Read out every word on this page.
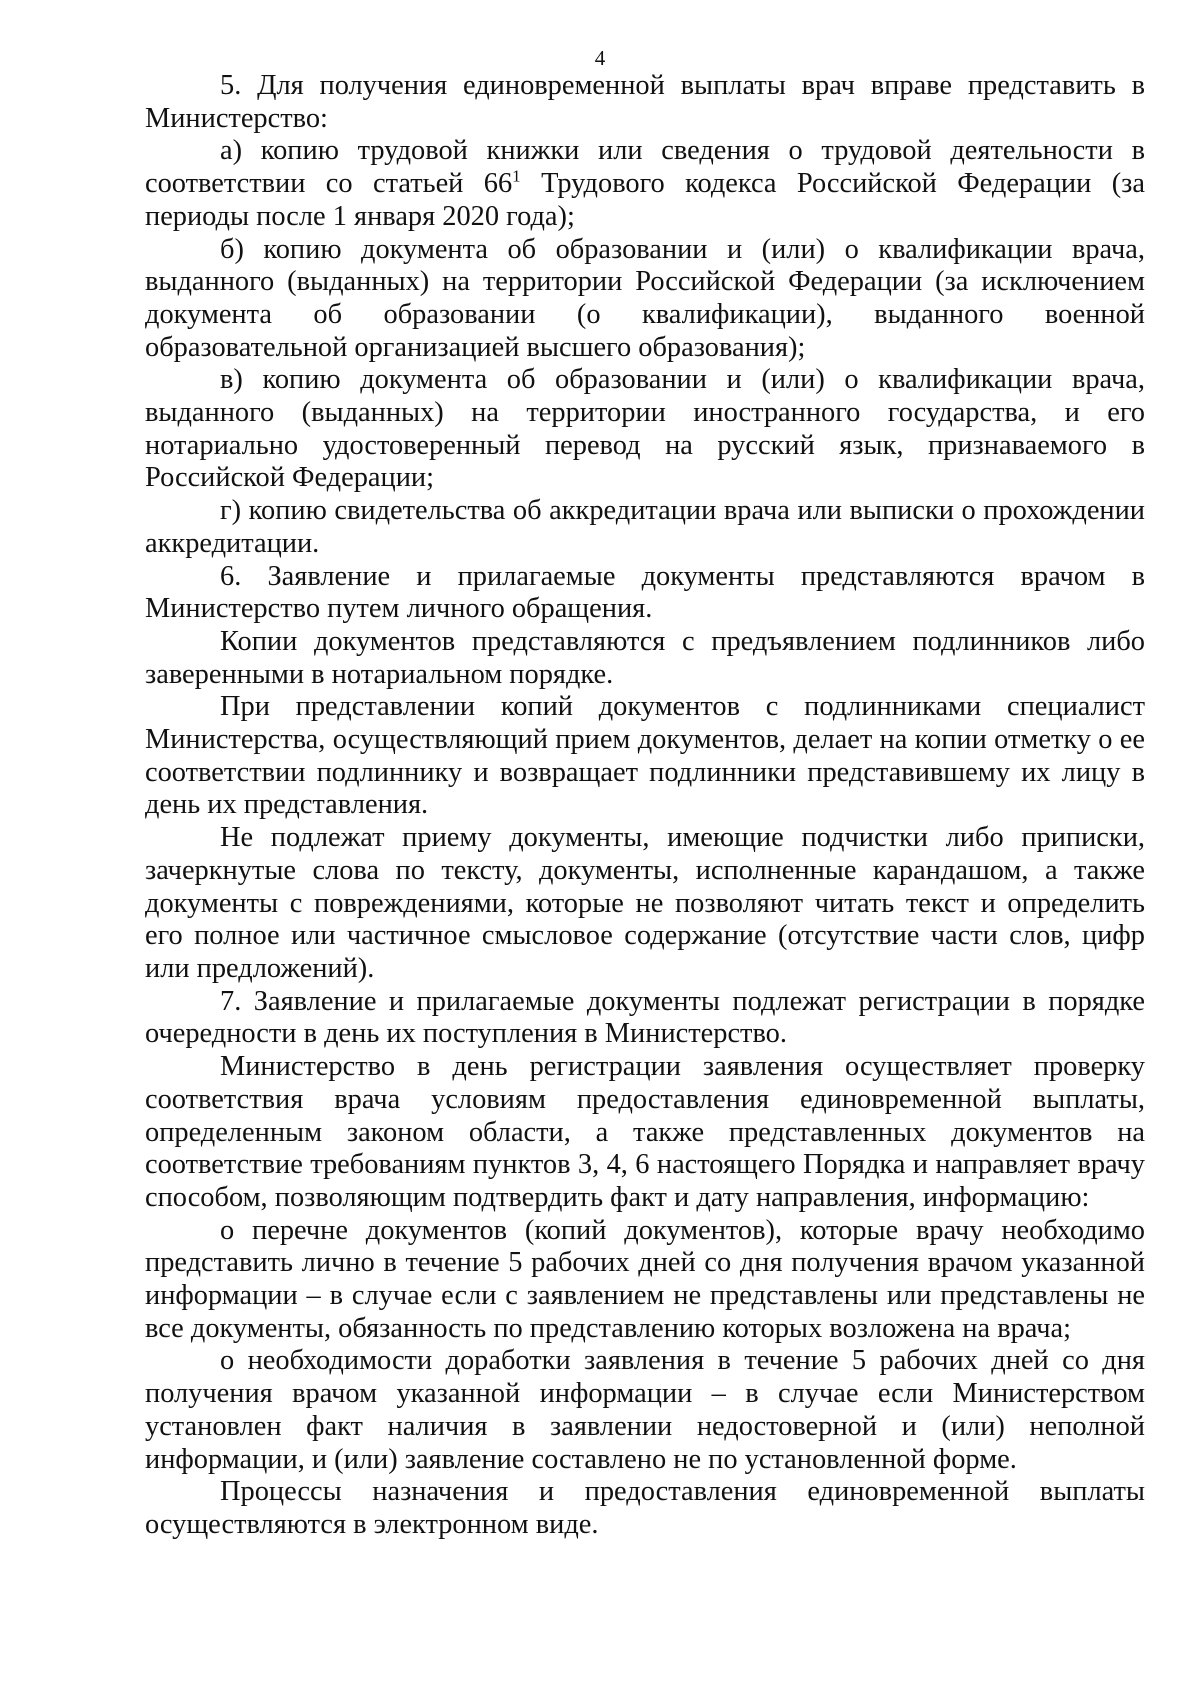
4

5. Для получения единовременной выплаты врач вправе представить в Министерство:

а) копию трудовой книжки или сведения о трудовой деятельности в соответствии со статьей $66^1$ Трудового кодекса Российской Федерации (за периоды после 1 января 2020 года);

б) копию документа об образовании и (или) о квалификации врача, выданного (выданных) на территории Российской Федерации (за исключением документа об образовании (о квалификации), выданного военной образовательной организацией высшего образования);

в) копию документа об образовании и (или) о квалификации врача, выданного (выданных) на территории иностранного государства, и его нотариально удостоверенный перевод на русский язык, признаваемого в Российской Федерации;

г) копию свидетельства об аккредитации врача или выписки о прохождении аккредитации.

6. Заявление и прилагаемые документы представляются врачом в Министерство путем личного обращения.

Копии документов представляются с предъявлением подлинников либо заверенными в нотариальном порядке.

При представлении копий документов с подлинниками специалист Министерства, осуществляющий прием документов, делает на копии отметку о ее соответствии подлиннику и возвращает подлинники представившему их лицу в день их представления.

Не подлежат приему документы, имеющие подчистки либо приписки, зачеркнутые слова по тексту, документы, исполненные карандашом, а также документы с повреждениями, которые не позволяют читать текст и определить его полное или частичное смысловое содержание (отсутствие части слов, цифр или предложений).

7. Заявление и прилагаемые документы подлежат регистрации в порядке очередности в день их поступления в Министерство.

Министерство в день регистрации заявления осуществляет проверку соответствия врача условиям предоставления единовременной выплаты, определенным законом области, а также представленных документов на соответствие требованиям пунктов 3, 4, 6 настоящего Порядка и направляет врачу способом, позволяющим подтвердить факт и дату направления, информацию:

о перечне документов (копий документов), которые врачу необходимо представить лично в течение 5 рабочих дней со дня получения врачом указанной информации – в случае если с заявлением не представлены или представлены не все документы, обязанность по представлению которых возложена на врача;

о необходимости доработки заявления в течение 5 рабочих дней со дня получения врачом указанной информации – в случае если Министерством установлен факт наличия в заявлении недостоверной и (или) неполной информации, и (или) заявление составлено не по установленной форме.

Процессы назначения и предоставления единовременной выплаты осуществляются в электронном виде.
